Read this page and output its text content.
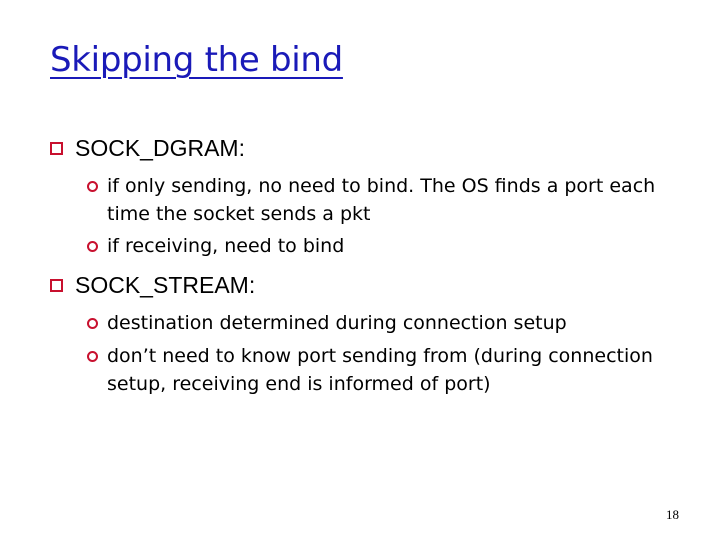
Skipping the bind
SOCK_DGRAM:
if only sending, no need to bind. The OS finds a port each time the socket sends a pkt
if receiving, need to bind
SOCK_STREAM:
destination determined during connection setup
don’t need to know port sending from (during connection setup, receiving end is informed of port)
18
